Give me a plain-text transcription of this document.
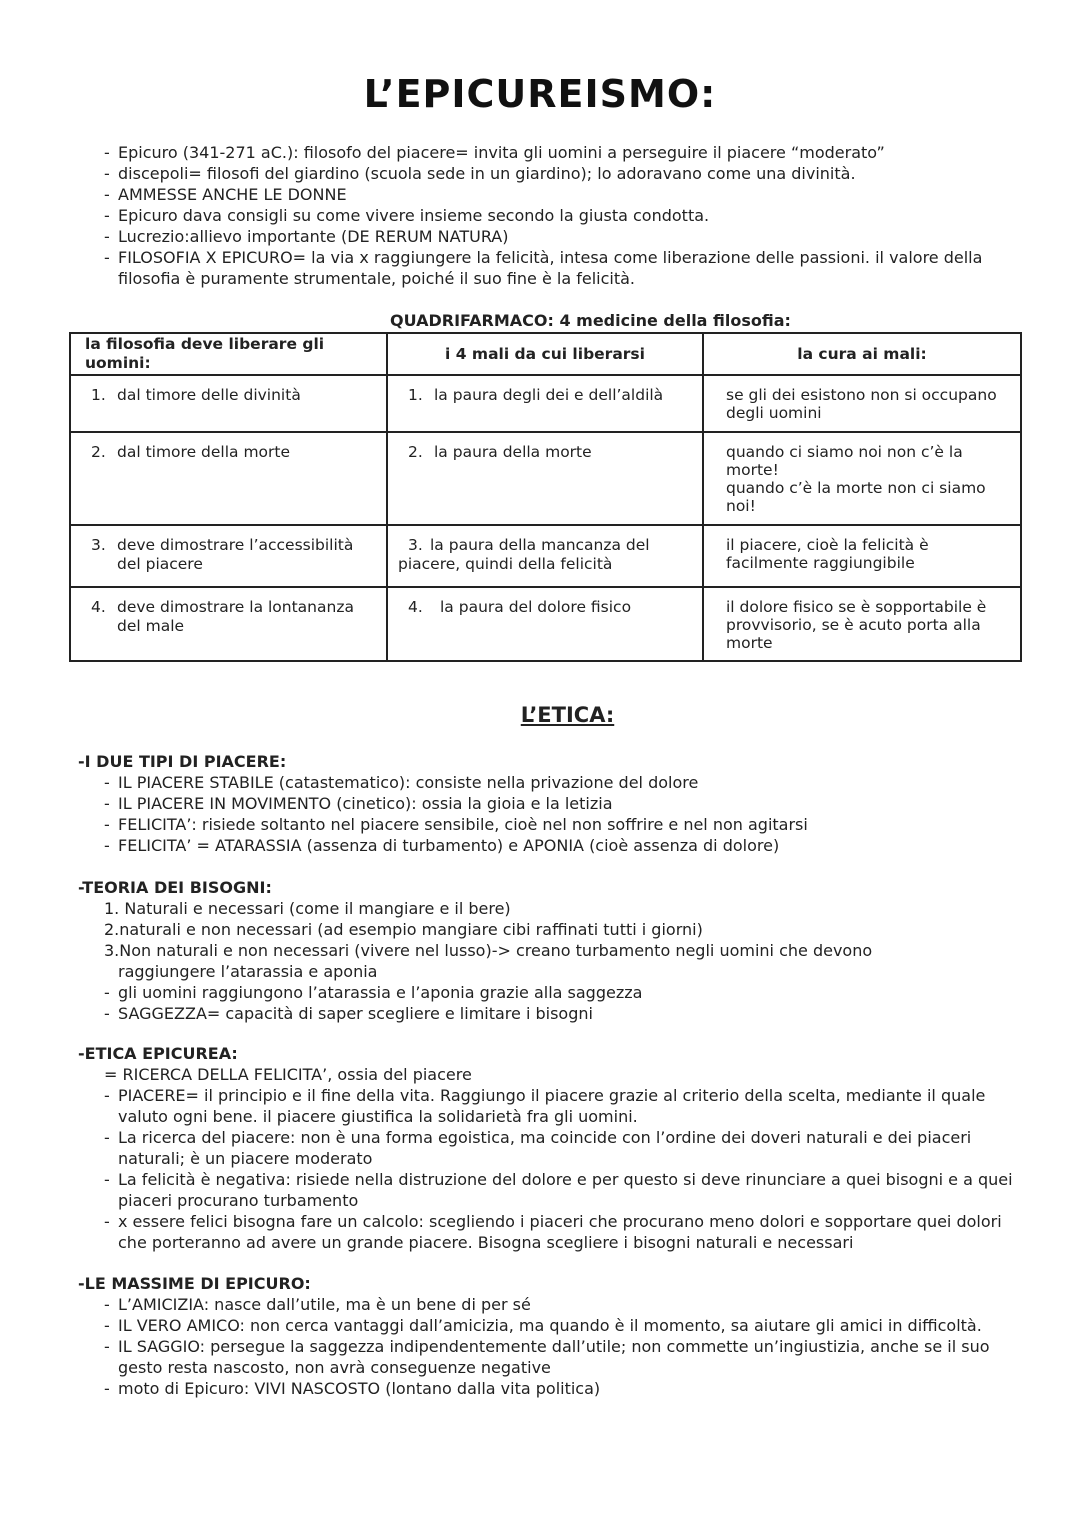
L’EPICUREISMO:
- Epicuro (341-271 aC.): filosofo del piacere= invita gli uomini a perseguire il piacere “moderato”
- discepoli= filosofi del giardino (scuola sede in un giardino); lo adoravano come una divinità.
- AMMESSE ANCHE LE DONNE
- Epicuro dava consigli su come vivere insieme secondo la giusta condotta.
- Lucrezio:allievo importante (DE RERUM NATURA)
- FILOSOFIA X EPICURO= la via x raggiungere la felicità, intesa come liberazione delle passioni. il valore della filosofia è puramente strumentale, poiché il suo fine è la felicità.
QUADRIFARMACO: 4 medicine della filosofia:
la filosofia deve liberare gli uomini:	i 4 mali da cui liberarsi	la cura ai mali:
1. dal timore delle divinità	1. la paura degli dei e dell’aldilà	se gli dei esistono non si occupano degli uomini
2. dal timore della morte	2. la paura della morte	quando ci siamo noi non c’è la morte!
quando c’è la morte non ci siamo noi!
3. deve dimostrare l’accessibilità del piacere	3. la paura della mancanza del piacere, quindi della felicità	il piacere, cioè la felicità è facilmente raggiungibile
4. deve dimostrare la lontananza del male	4. la paura del dolore fisico	il dolore fisico se è sopportabile è provvisorio, se è acuto porta alla morte
L’ETICA:
-I DUE TIPI DI PIACERE:
- IL PIACERE STABILE (catastematico): consiste nella privazione del dolore
- IL PIACERE IN MOVIMENTO (cinetico): ossia la gioia e la letizia
- FELICITA’: risiede soltanto nel piacere sensibile, cioè nel non soffrire e nel non agitarsi
- FELICITA’ = ATARASSIA (assenza di turbamento) e APONIA (cioè assenza di dolore)
-TEORIA DEI BISOGNI:
1. Naturali e necessari (come il mangiare e il bere)
2.naturali e non necessari (ad esempio mangiare cibi raffinati tutti i giorni)
3.Non naturali e non necessari (vivere nel lusso)-> creano turbamento negli uomini che devono
raggiungere l’atarassia e aponia
- gli uomini raggiungono l’atarassia e l’aponia grazie alla saggezza
- SAGGEZZA= capacità di saper scegliere e limitare i bisogni
-ETICA EPICUREA:
= RICERCA DELLA FELICITA’, ossia del piacere
- PIACERE= il principio e il fine della vita. Raggiungo il piacere grazie al criterio della scelta, mediante il quale valuto ogni bene. il piacere giustifica la solidarietà fra gli uomini.
- La ricerca del piacere: non è una forma egoistica, ma coincide con l’ordine dei doveri naturali e dei piaceri naturali; è un piacere moderato
- La felicità è negativa: risiede nella distruzione del dolore e per questo si deve rinunciare a quei bisogni e a quei piaceri procurano turbamento
- x essere felici bisogna fare un calcolo: scegliendo i piaceri che procurano meno dolori e sopportare quei dolori che porteranno ad avere un grande piacere. Bisogna scegliere i bisogni naturali e necessari
-LE MASSIME DI EPICURO:
- L’AMICIZIA: nasce dall’utile, ma è un bene di per sé
- IL VERO AMICO: non cerca vantaggi dall’amicizia, ma quando è il momento, sa aiutare gli amici in difficoltà.
- IL SAGGIO: persegue la saggezza indipendentemente dall’utile; non commette un’ingiustizia, anche se il suo gesto resta nascosto, non avrà conseguenze negative
- moto di Epicuro: VIVI NASCOSTO (lontano dalla vita politica)
